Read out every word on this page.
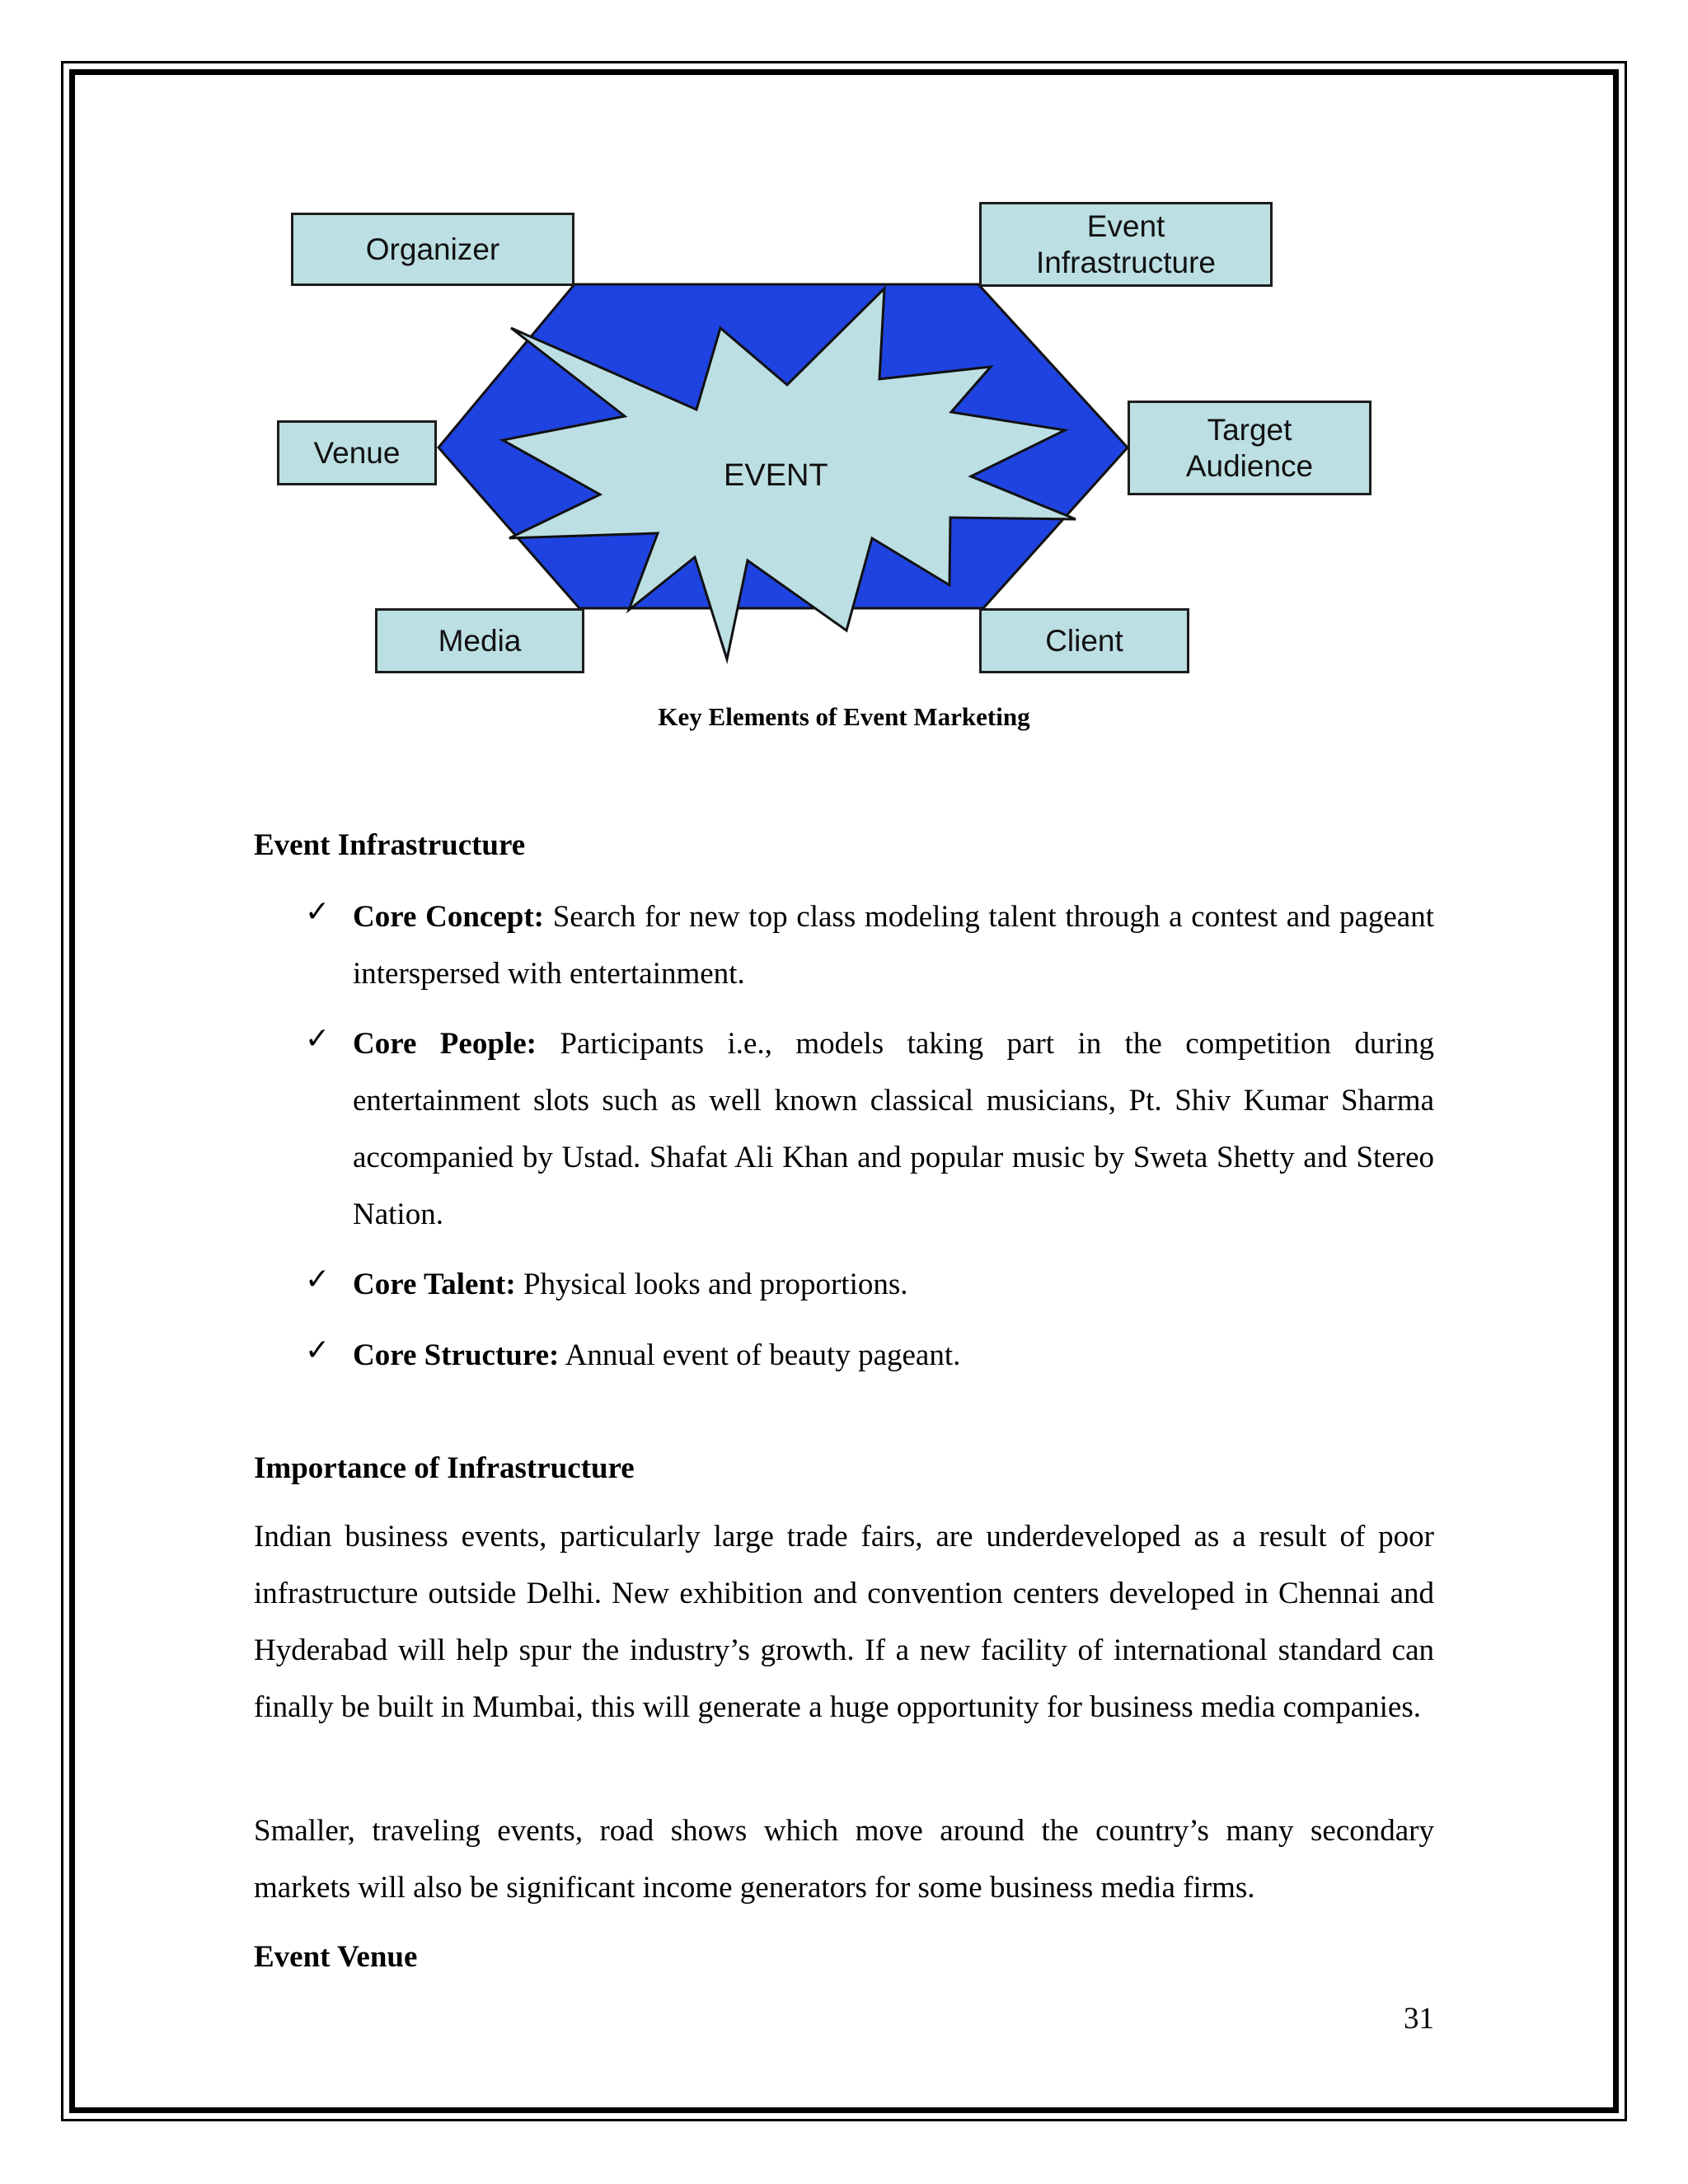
Organizer
Event
Infrastructure
Venue
Target
Audience
Media	Client
EVENT
Key Elements of Event Marketing
Event Infrastructure
✓ Core Concept: Search for new top class modeling talent through a contest and pageant interspersed with entertainment.
✓ Core People: Participants i.e., models taking part in the competition during entertainment slots such as well known classical musicians, Pt. Shiv Kumar Sharma accompanied by Ustad. Shafat Ali Khan and popular music by Sweta Shetty and Stereo Nation.
✓ Core Talent: Physical looks and proportions.
✓ Core Structure: Annual event of beauty pageant.
Importance of Infrastructure
Indian business events, particularly large trade fairs, are underdeveloped as a result of poor infrastructure outside Delhi. New exhibition and convention centers developed in Chennai and Hyderabad will help spur the industry’s growth. If a new facility of international standard can finally be built in Mumbai, this will generate a huge opportunity for business media companies.
Smaller, traveling events, road shows which move around the country’s many secondary markets will also be significant income generators for some business media firms.
Event Venue
31
